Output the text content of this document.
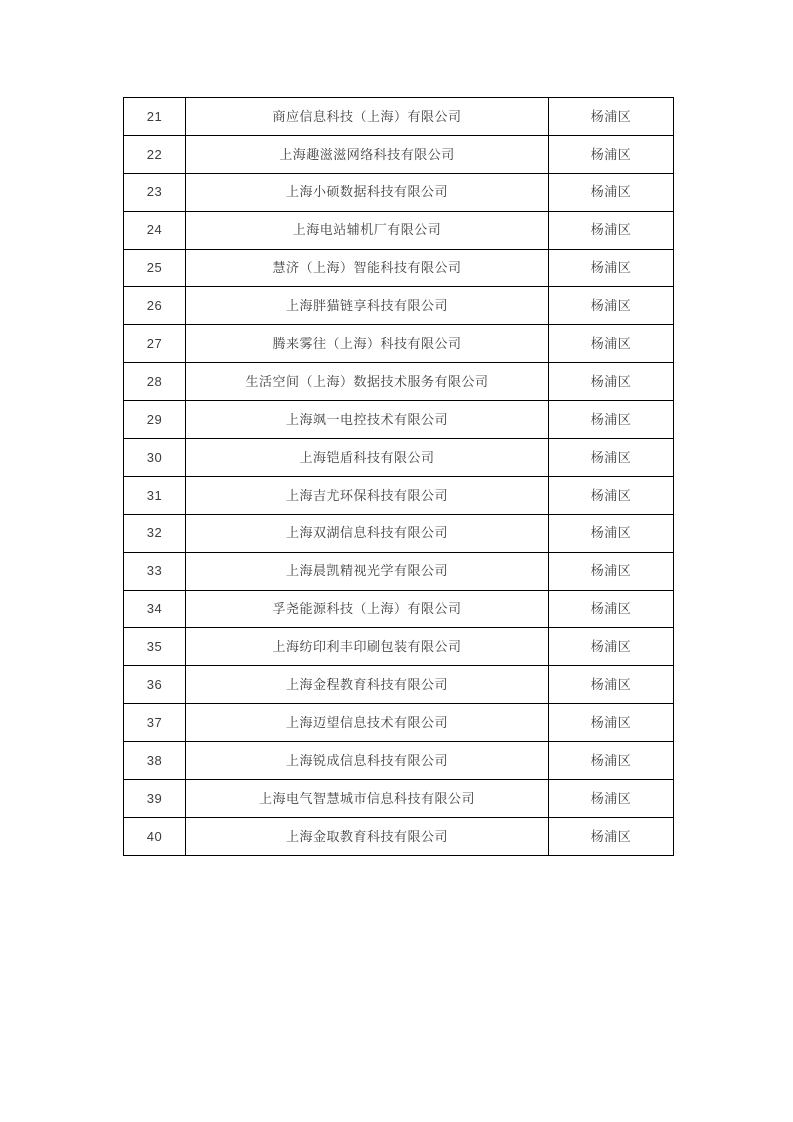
21	商应信息科技（上海）有限公司	杨浦区
22	上海趣滋滋网络科技有限公司	杨浦区
23	上海小硕数据科技有限公司	杨浦区
24	上海电站辅机厂有限公司	杨浦区
25	慧济（上海）智能科技有限公司	杨浦区
26	上海胖猫链享科技有限公司	杨浦区
27	腾来雾往（上海）科技有限公司	杨浦区
28	生活空间（上海）数据技术服务有限公司	杨浦区
29	上海飒一电控技术有限公司	杨浦区
30	上海铠盾科技有限公司	杨浦区
31	上海吉尤环保科技有限公司	杨浦区
32	上海双湖信息科技有限公司	杨浦区
33	上海晨凯精视光学有限公司	杨浦区
34	孚尧能源科技（上海）有限公司	杨浦区
35	上海纺印利丰印刷包装有限公司	杨浦区
36	上海金程教育科技有限公司	杨浦区
37	上海迈望信息技术有限公司	杨浦区
38	上海锐成信息科技有限公司	杨浦区
39	上海电气智慧城市信息科技有限公司	杨浦区
40	上海金取教育科技有限公司	杨浦区
